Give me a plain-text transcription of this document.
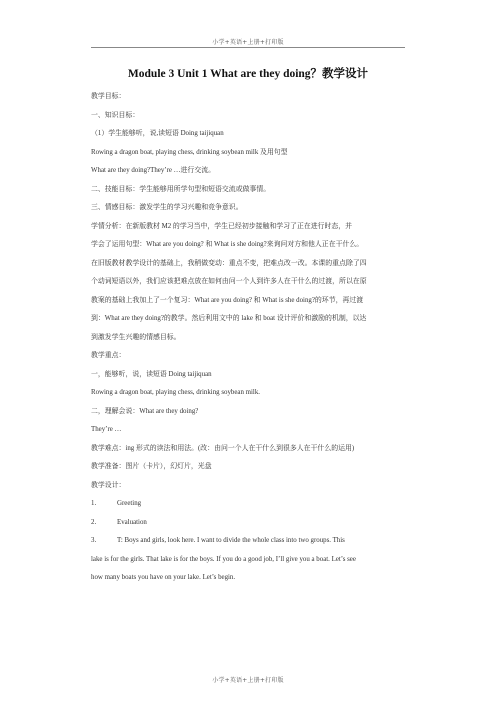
小学+英语+上册+打印版
Module 3 Unit 1 What are they doing？教学设计
教学目标：
一、知识目标：
（1）学生能够听，说,读短语 Doing taijiquan
Rowing a dragon boat, playing chess, drinking soybean milk 及用句型
What are they doing?They’re …进行交流。
二、技能目标：学生能够用所学句型和短语交流或做事情。
三、情感目标：激发学生的学习兴趣和竞争意识。
学情分析：在新版教材 M2 的学习当中，学生已经初步接触和学习了正在进行时态，并
学会了运用句型：What are you doing? 和 What is she doing?来询问对方和他人正在干什么。
在旧版教材教学设计的基础上，我稍做变动：重点不变，把难点改一改。本课的重点除了四
个动词短语以外，我们应该把难点放在如何由问一个人到许多人在干什么的过渡，所以在原
教案的基础上我加上了一个复习：What are you doing? 和 What is she doing?的环节，再过渡
到：What are they doing?的教学。然后利用文中的 lake 和 boat 设计评价和激励的机制，以达
到激发学生兴趣的情感目标。
教学重点：
一，能够听，说，读短语 Doing taijiquan
Rowing a dragon boat, playing chess, drinking soybean milk.
二，理解会说：What are they doing?
They’re …
教学难点：ing 形式的读法和用法。(改：由问一个人在干什么到很多人在干什么的运用)
教学准备：图片（卡片），幻灯片，光盘
教学设计：
1.	Greeting
2.	Evaluation
3.	T: Boys and girls, look here. I want to divide the whole class into two groups. This
lake is for the girls. That lake is for the boys. If you do a good job, I’ll give you a boat. Let’s see
how many boats you have on your lake. Let’s begin.
小学+英语+上册+打印版
